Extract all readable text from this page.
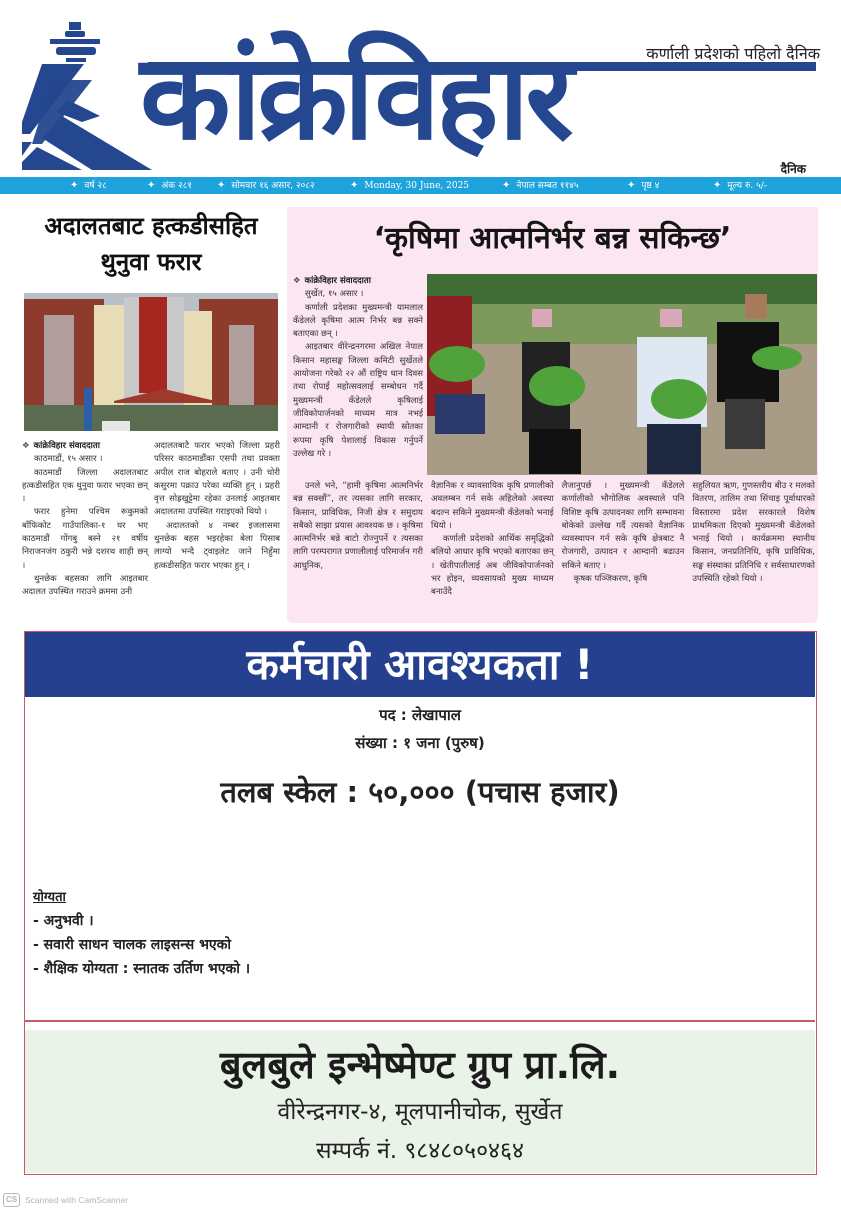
कांक्रेविहार	कर्णाली प्रदेशको पहिलो दैनिक
दैनिक
✦ वर्ष २८	✦ अंक २८१ ✦ सोमवार १६ असार, २०८२	✦ Monday, 30 June, 2025	✦ नेपाल सम्बत ११४५	✦ पृष्ठ ४	✦ मूल्य रु. ५/-
अदालतबाट हत्कडीसहित
थुनुवा फरार

❖ कांक्रेविहार संवाददाता

काठमाडौं, १५ असार ।

काठमाडौं जिल्ला अदालतबाट हत्कडीसहित एक थुनुवा फरार भएका छन् ।

फरार हुनेमा पश्चिम रूकुमको बाँफिकोट गाउँपालिका-१ घर भए काठमाडौं गोंगबु बस्ने २१ वर्षीय निराजनजंग ठकुरी भन्ने दशरथ शाही छन् ।

थुनछेक बहसका लागि आइतबार अदालत उपस्थित गराउने क्रममा उनी

अदालतबाटै फरार भएको जिल्ला प्रहरी परिसर काठमाडौंका एसपी तथा प्रवक्ता अपील राज बोहराले बताए । उनी चोरी कसुरमा पक्राउ परेका व्यक्ति हुन् । प्रहरी वृत्त सोह्रखुट्टेमा रहेका उनलाई आइतबार अदालतमा उपस्थित गराइएको थियो ।

अदालतको ४ नम्बर इजलासमा थुनछेक बहस भइरहेका बेला पिसाब लाग्यो भन्दै ट्वाइलेट जाने निहुँमा हत्कडीसहित फरार भएका हुन् ।

‘कृषिमा आत्मनिर्भर बन्न सकिन्छ’

❖ कांक्रेविहार संवाददाता

सुर्खेत, १५ असार ।

कर्णाली प्रदेशका मुख्यमन्त्री यामलाल कँडेलले कृषिमा आत्म निर्भर बन्न सक्ने बताएका छन् ।

आइतबार वीरेन्द्रनगरमा अखिल नेपाल किसान महासङ्घ जिल्ला कमिटी सुर्खेतले आयोजना गरेको २२ औं राष्ट्रिय धान दिवस तथा रोपाईं महोत्सवलाई सम्बोधन गर्दै मुख्यमन्त्री कँडेलले कृषिलाई जीविकोपार्जनको माध्यम मात्र नभई आम्दानी र रोजगारीको स्थायी स्रोतका रूपमा कृषि पेशालाई विकास गर्नुपर्ने उल्लेख गरे ।

उनले भने, “हामी कृषिमा आत्मनिर्भर बन्न सक्छौं”, तर त्यसका लागि सरकार, किसान, प्राविधिक, निजी क्षेत्र र समुदाय सबैको साझा प्रयास आवश्यक छ । कृषिमा आत्मनिर्भर बन्ने बाटो रोज्नुपर्ने र त्यसका लागि परम्परागत प्रणालीलाई परिमार्जन गरी आधुनिक,

वैज्ञानिक र व्यावसायिक कृषि प्रणालीको अवलम्बन गर्न सके अहिलेको अवस्था बदल्न सकिने मुख्यमन्त्री कँडेलको भनाई थियो ।

कर्णाली प्रदेशको आर्थिक समृद्धिको बलियो आधार कृषि भएको बताएका छन् । खेतीपातीलाई अब जीविकोपार्जनको भर होइन, व्यवसायको मुख्य माध्यम बनाउँदै

लैजानुपर्छ । मुख्यमन्त्री कँडेलले कर्णालीको भौगोलिक अवस्थाले पनि विशिष्ट कृषि उत्पादनका लागि सम्भावना बोकेको उल्लेख गर्दै त्यसको वैज्ञानिक व्यवस्थापन गर्न सके कृषि क्षेत्रबाट नै रोजगारी, उत्पादन र आम्दानी बढाउन सकिने बताए ।

कृषक पञ्जिकरण, कृषि

सहुलियत ऋण, गुणस्तरीय बीउ र मलको वितरण, तालिम तथा सिंचाइ पूर्वाधारको विस्तारमा प्रदेश सरकारले विशेष प्राथमिकता दिएको मुख्यमन्त्री कँडेलको भनाई थियो । कार्यक्रममा स्थानीय किसान, जनप्रतिनिधि, कृषि प्राविधिक, सङ्घ संस्थाका प्रतिनिधि र सर्वसाधारणको उपस्थिति रहेको थियो ।

कर्मचारी आवश्यकता !
पद : लेखापाल
संख्या : १ जना (पुरुष)
तलब स्केल : ५०,००० (पचास हजार)
योग्यता
- अनुभवी ।
- सवारी साधन चालक लाइसन्स भएको
- शैक्षिक योग्यता : स्नातक उर्तिण भएको ।
बुलबुले इन्भेष्मेण्ट ग्रुप प्रा.लि.
वीरेन्द्रनगर-४, मूलपानीचोक, सुर्खेत
सम्पर्क नं. ९८४८०५०४६४
CS Scanned with CamScanner
